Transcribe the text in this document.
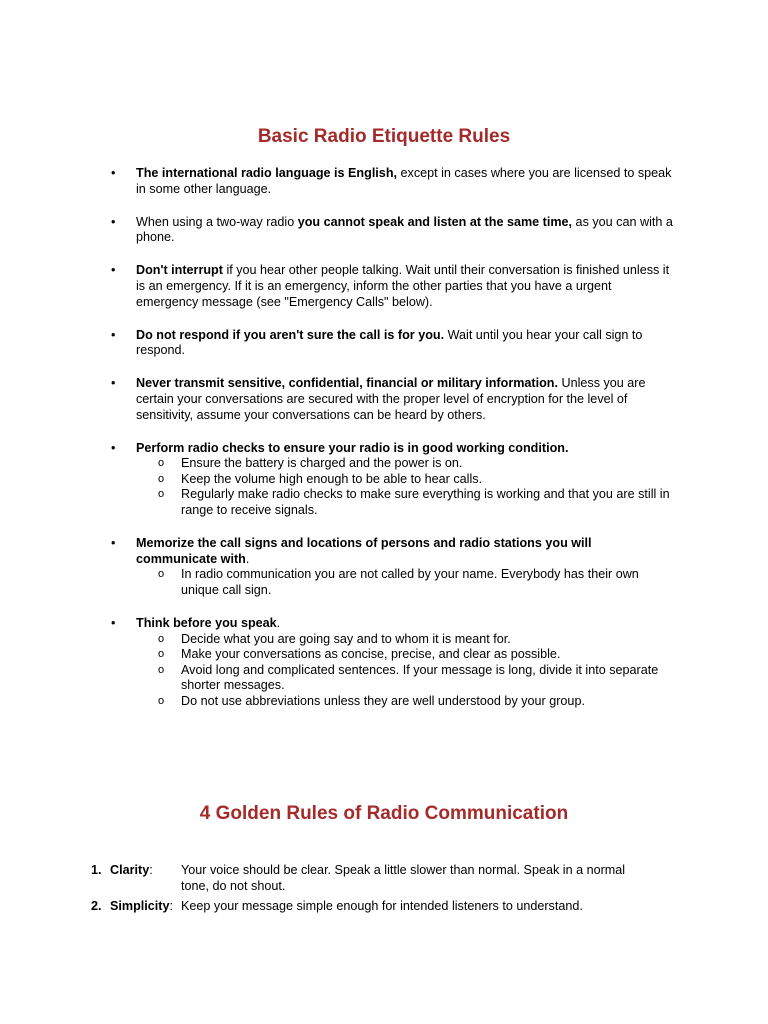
Basic Radio Etiquette Rules
• The international radio language is English, except in cases where you are licensed to speak in some other language.
• When using a two-way radio you cannot speak and listen at the same time, as you can with a phone.
• Don't interrupt if you hear other people talking. Wait until their conversation is finished unless it is an emergency. If it is an emergency, inform the other parties that you have a urgent emergency message (see "Emergency Calls" below).
• Do not respond if you aren't sure the call is for you. Wait until you hear your call sign to respond.
• Never transmit sensitive, confidential, financial or military information. Unless you are certain your conversations are secured with the proper level of encryption for the level of sensitivity, assume your conversations can be heard by others.
• Perform radio checks to ensure your radio is in good working condition.
o Ensure the battery is charged and the power is on.
o Keep the volume high enough to be able to hear calls.
o Regularly make radio checks to make sure everything is working and that you are still in range to receive signals.
• Memorize the call signs and locations of persons and radio stations you will communicate with.
o In radio communication you are not called by your name. Everybody has their own unique call sign.
• Think before you speak.
o Decide what you are going say and to whom it is meant for.
o Make your conversations as concise, precise, and clear as possible.
o Avoid long and complicated sentences. If your message is long, divide it into separate shorter messages.
o Do not use abbreviations unless they are well understood by your group.
4 Golden Rules of Radio Communication
1. Clarity: Your voice should be clear. Speak a little slower than normal. Speak in a normal tone, do not shout.
2. Simplicity: Keep your message simple enough for intended listeners to understand.
